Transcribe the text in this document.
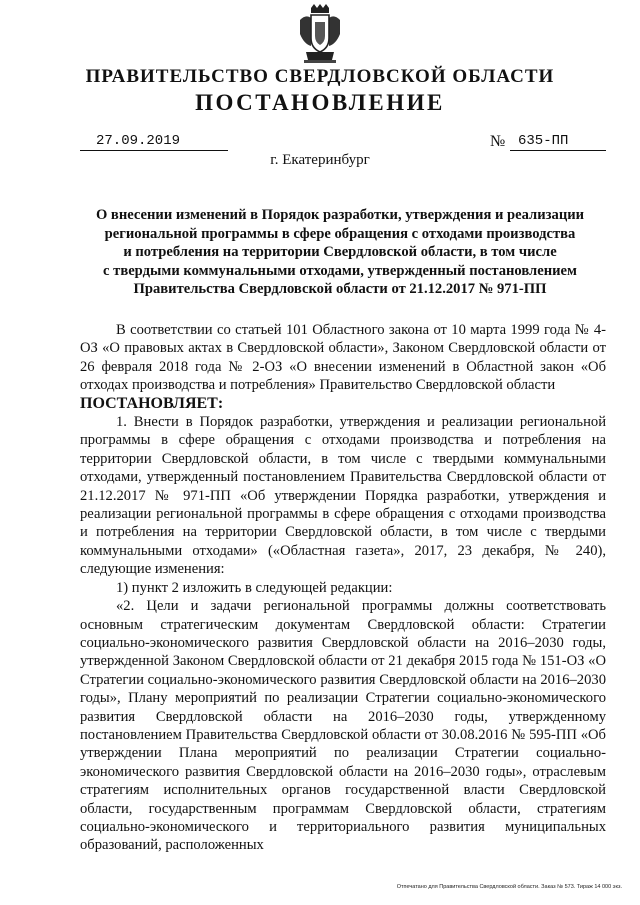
ПРАВИТЕЛЬСТВО СВЕРДЛОВСКОЙ ОБЛАСТИ
ПОСТАНОВЛЕНИЕ
27.09.2019	№ 635-ПП
г. Екатеринбург
О внесении изменений в Порядок разработки, утверждения и реализации
региональной программы в сфере обращения с отходами производства
и потребления на территории Свердловской области, в том числе
с твердыми коммунальными отходами, утвержденный постановлением
Правительства Свердловской области от 21.12.2017 № 971-ПП

В соответствии со статьей 101 Областного закона от 10 марта 1999 года № 4-ОЗ «О правовых актах в Свердловской области», Законом Свердловской области от 26 февраля 2018 года № 2-ОЗ «О внесении изменений в Областной закон «Об отходах производства и потребления» Правительство Свердловской области

ПОСТАНОВЛЯЕТ:

1. Внести в Порядок разработки, утверждения и реализации региональной программы в сфере обращения с отходами производства и потребления на территории Свердловской области, в том числе с твердыми коммунальными отходами, утвержденный постановлением Правительства Свердловской области от 21.12.2017 № 971-ПП «Об утверждении Порядка разработки, утверждения и реализации региональной программы в сфере обращения с отходами производства и потребления на территории Свердловской области, в том числе с твердыми коммунальными отходами» («Областная газета», 2017, 23 декабря, № 240), следующие изменения:

1) пункт 2 изложить в следующей редакции:

«2. Цели и задачи региональной программы должны соответствовать основным стратегическим документам Свердловской области: Стратегии социально-экономического развития Свердловской области на 2016–2030 годы, утвержденной Законом Свердловской области от 21 декабря 2015 года № 151-ОЗ «О Стратегии социально-экономического развития Свердловской области на 2016–2030 годы», Плану мероприятий по реализации Стратегии социально-экономического развития Свердловской области на 2016–2030 годы, утвержденному постановлением Правительства Свердловской области от 30.08.2016 № 595-ПП «Об утверждении Плана мероприятий по реализации Стратегии социально-экономического развития Свердловской области на 2016–2030 годы», отраслевым стратегиям исполнительных органов государственной власти Свердловской области, государственным программам Свердловской области, стратегиям социально-экономического и территориального развития муниципальных образований, расположенных

Отпечатано для Правительства Свердловской области. Заказ № 573. Тираж 14 000 экз.
